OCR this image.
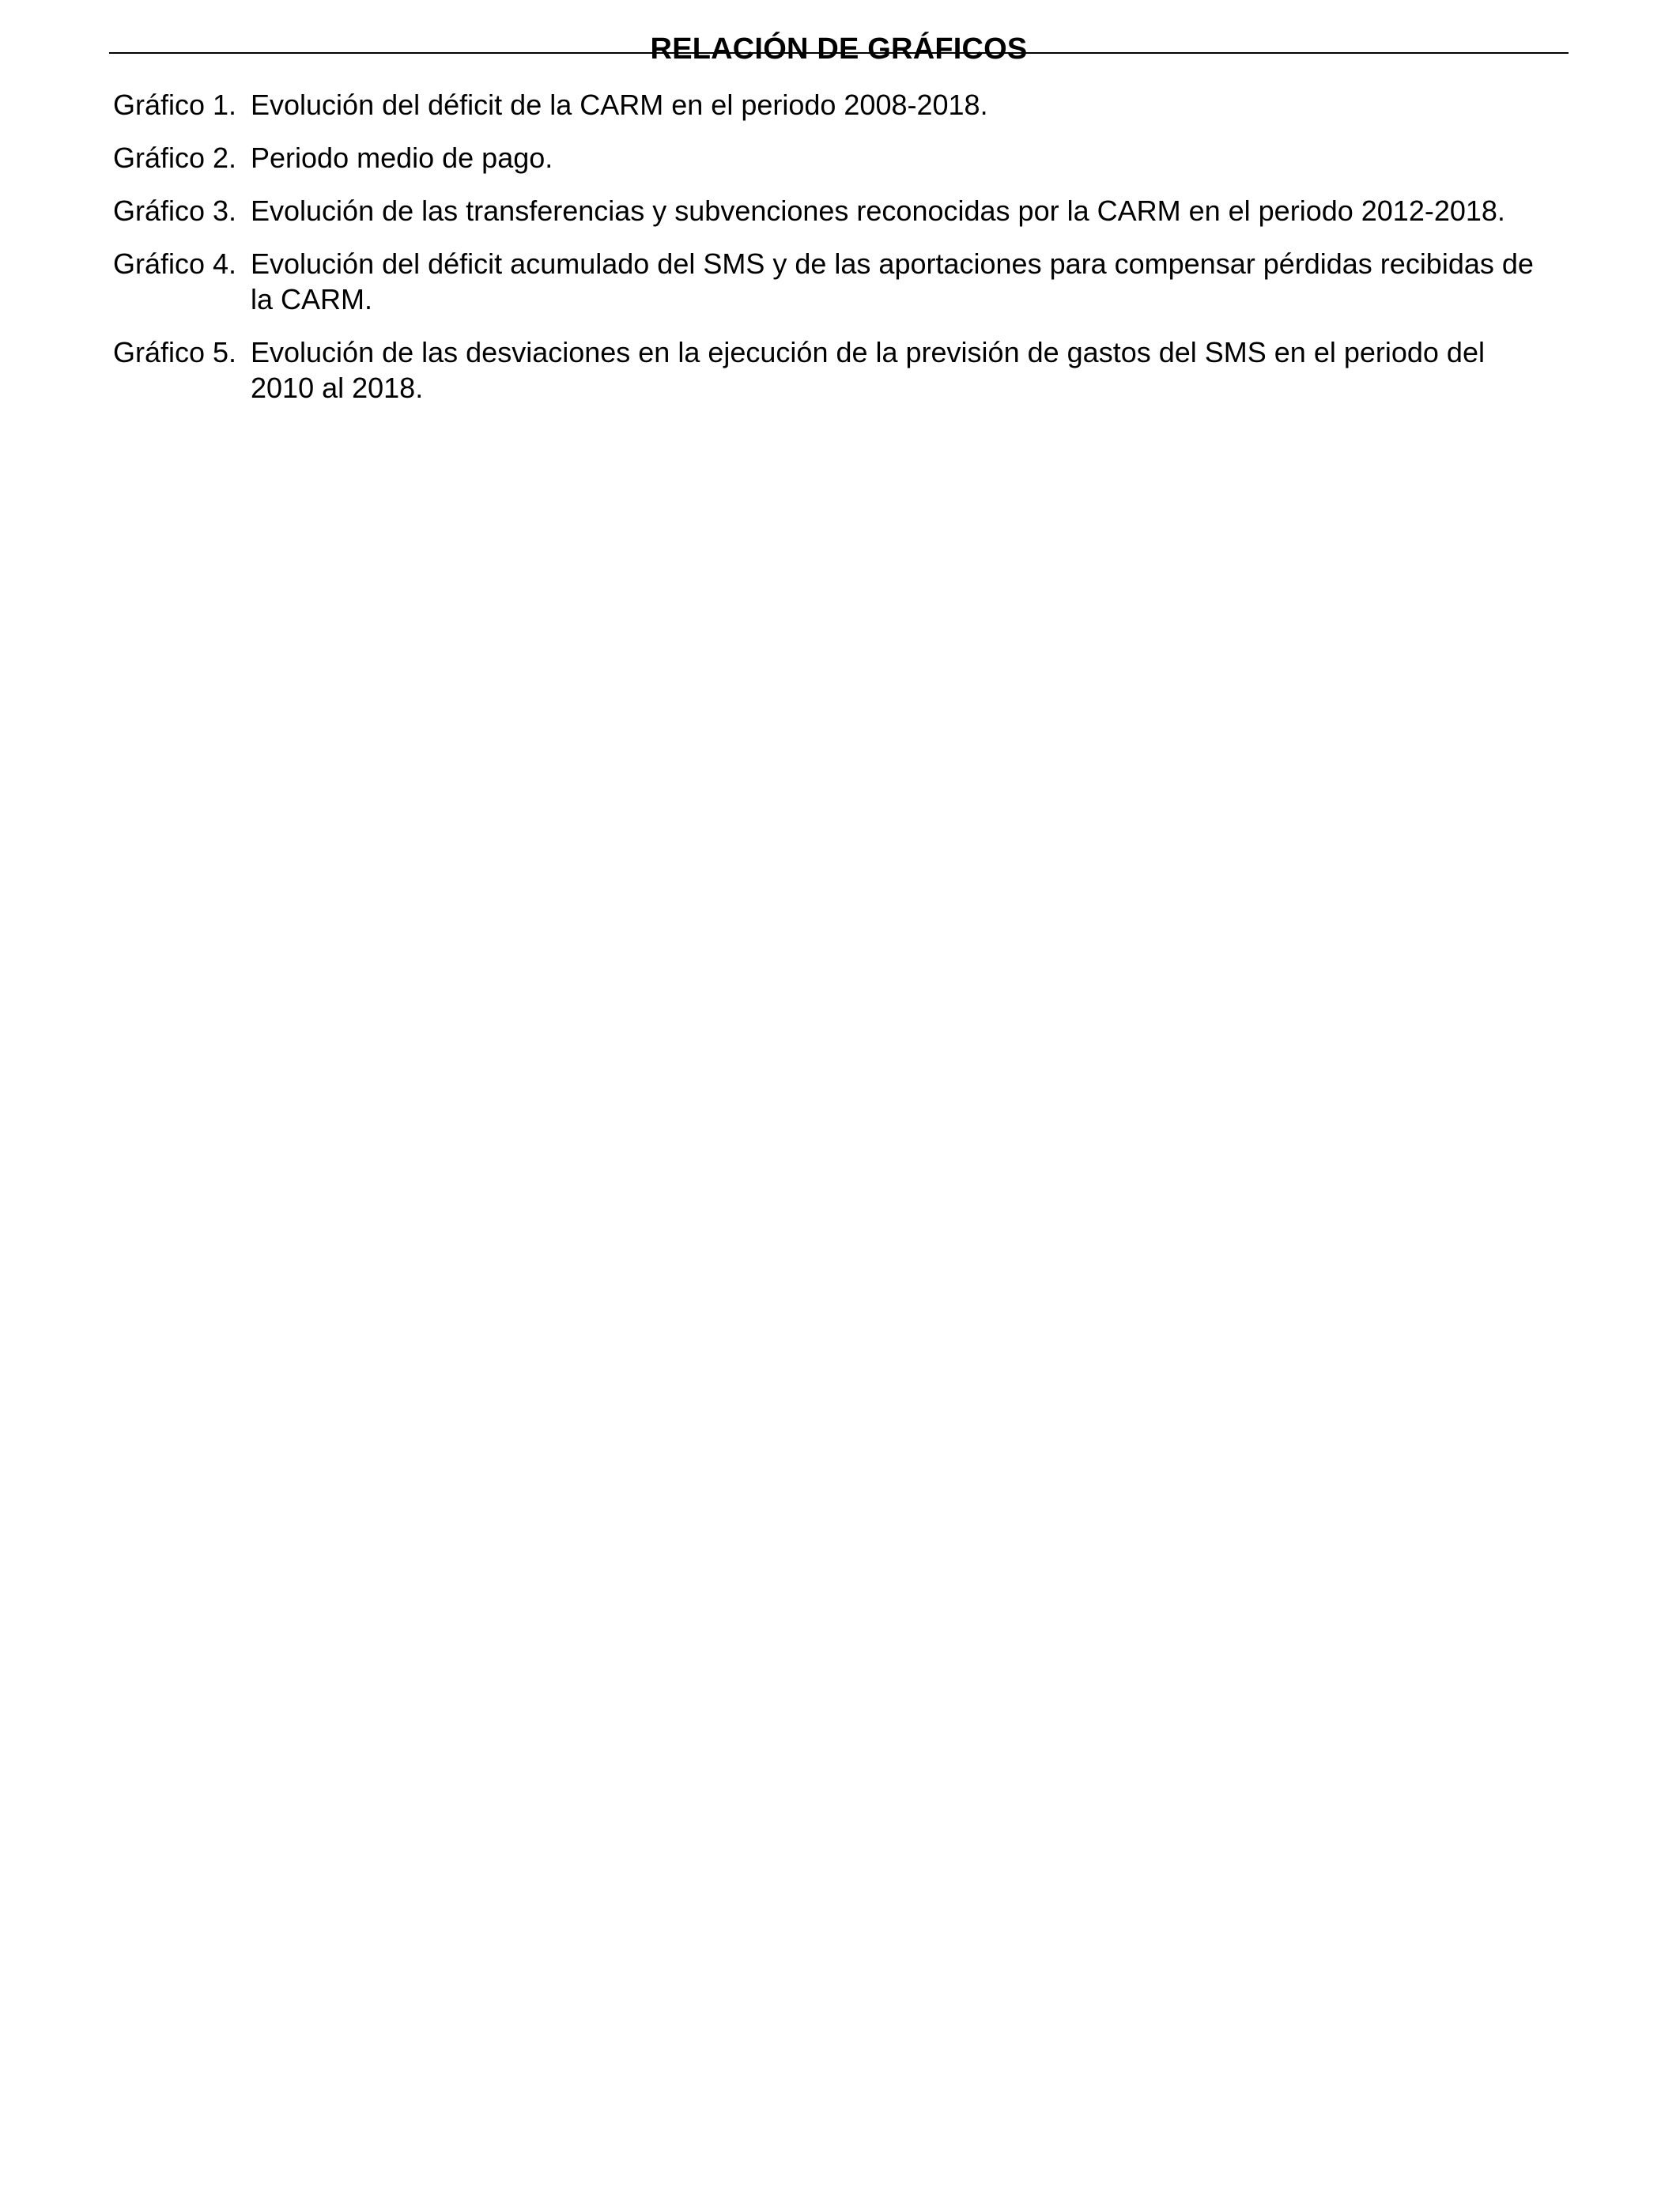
RELACIÓN DE GRÁFICOS
Gráfico 1. Evolución del déficit de la CARM en el periodo 2008-2018.
Gráfico 2. Periodo medio de pago.
Gráfico 3. Evolución de las transferencias y subvenciones reconocidas por la CARM en el periodo 2012-2018.
Gráfico 4. Evolución del déficit acumulado del SMS y de las aportaciones para compensar pérdidas recibidas de la CARM.
Gráfico 5. Evolución de las desviaciones en la ejecución de la previsión de gastos del SMS en el periodo del 2010 al 2018.
